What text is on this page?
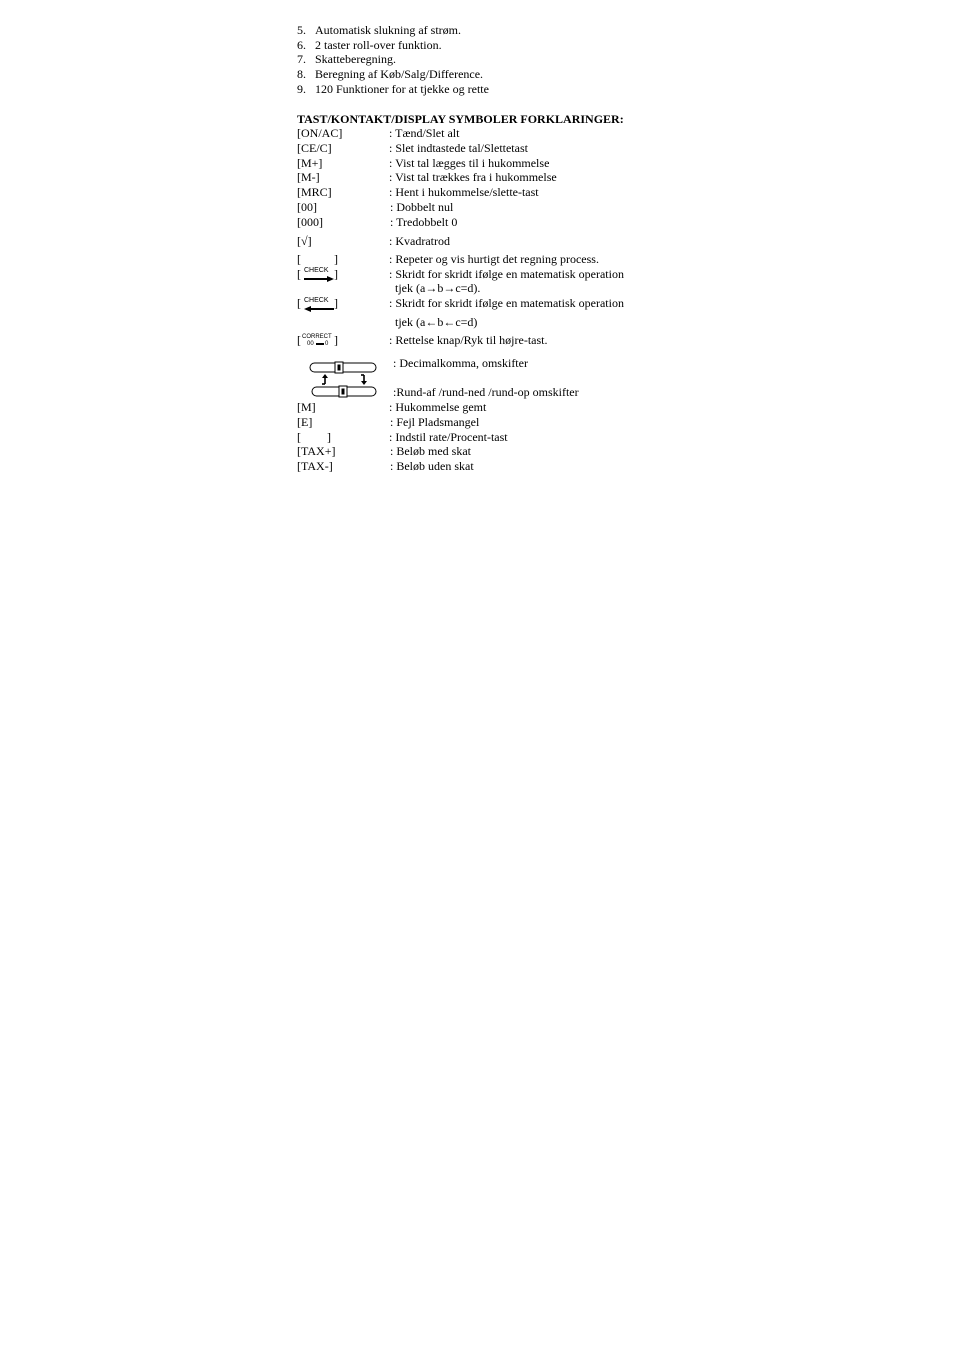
5. Automatisk slukning af strøm.
6. 2 taster roll-over funktion.
7. Skatteberegning.
8. Beregning af Køb/Salg/Difference.
9. 120 Funktioner for at tjekke og rette
TAST/KONTAKT/DISPLAY SYMBOLER FORKLARINGER:
[ON/AC]	: Tænd/Slet alt
[CE/C]	: Slet indtastede tal/Slettetast
[M+]	: Vist tal lægges til i hukommelse
[M-]	: Vist tal trækkes fra i hukommelse
[MRC]	: Hent i hukommelse/slette-tast
[00]	: Dobbelt nul
[000]	: Tredobbelt 0
[√]	: Kvadratrod
[	]	: Repeter og vis hurtigt det regning process.
[ CHECK ]	: Skridt for skridt ifølge en matematisk operation
tjek (a→b→c=d).
[ CHECK ]	: Skridt for skridt ifølge en matematisk operation
tjek (a←b←c=d)
[ CORRECT
00 0 ]	: Rettelse knap/Ryk til højre-tast.
: Decimalkomma, omskifter
:Rund-af /rund-ned /rund-op omskifter
[M]	: Hukommelse gemt
[E]	: Fejl Pladsmangel
[ ]	: Indstil rate/Procent-tast
[TAX+]	: Beløb med skat
[TAX-]	: Beløb uden skat
